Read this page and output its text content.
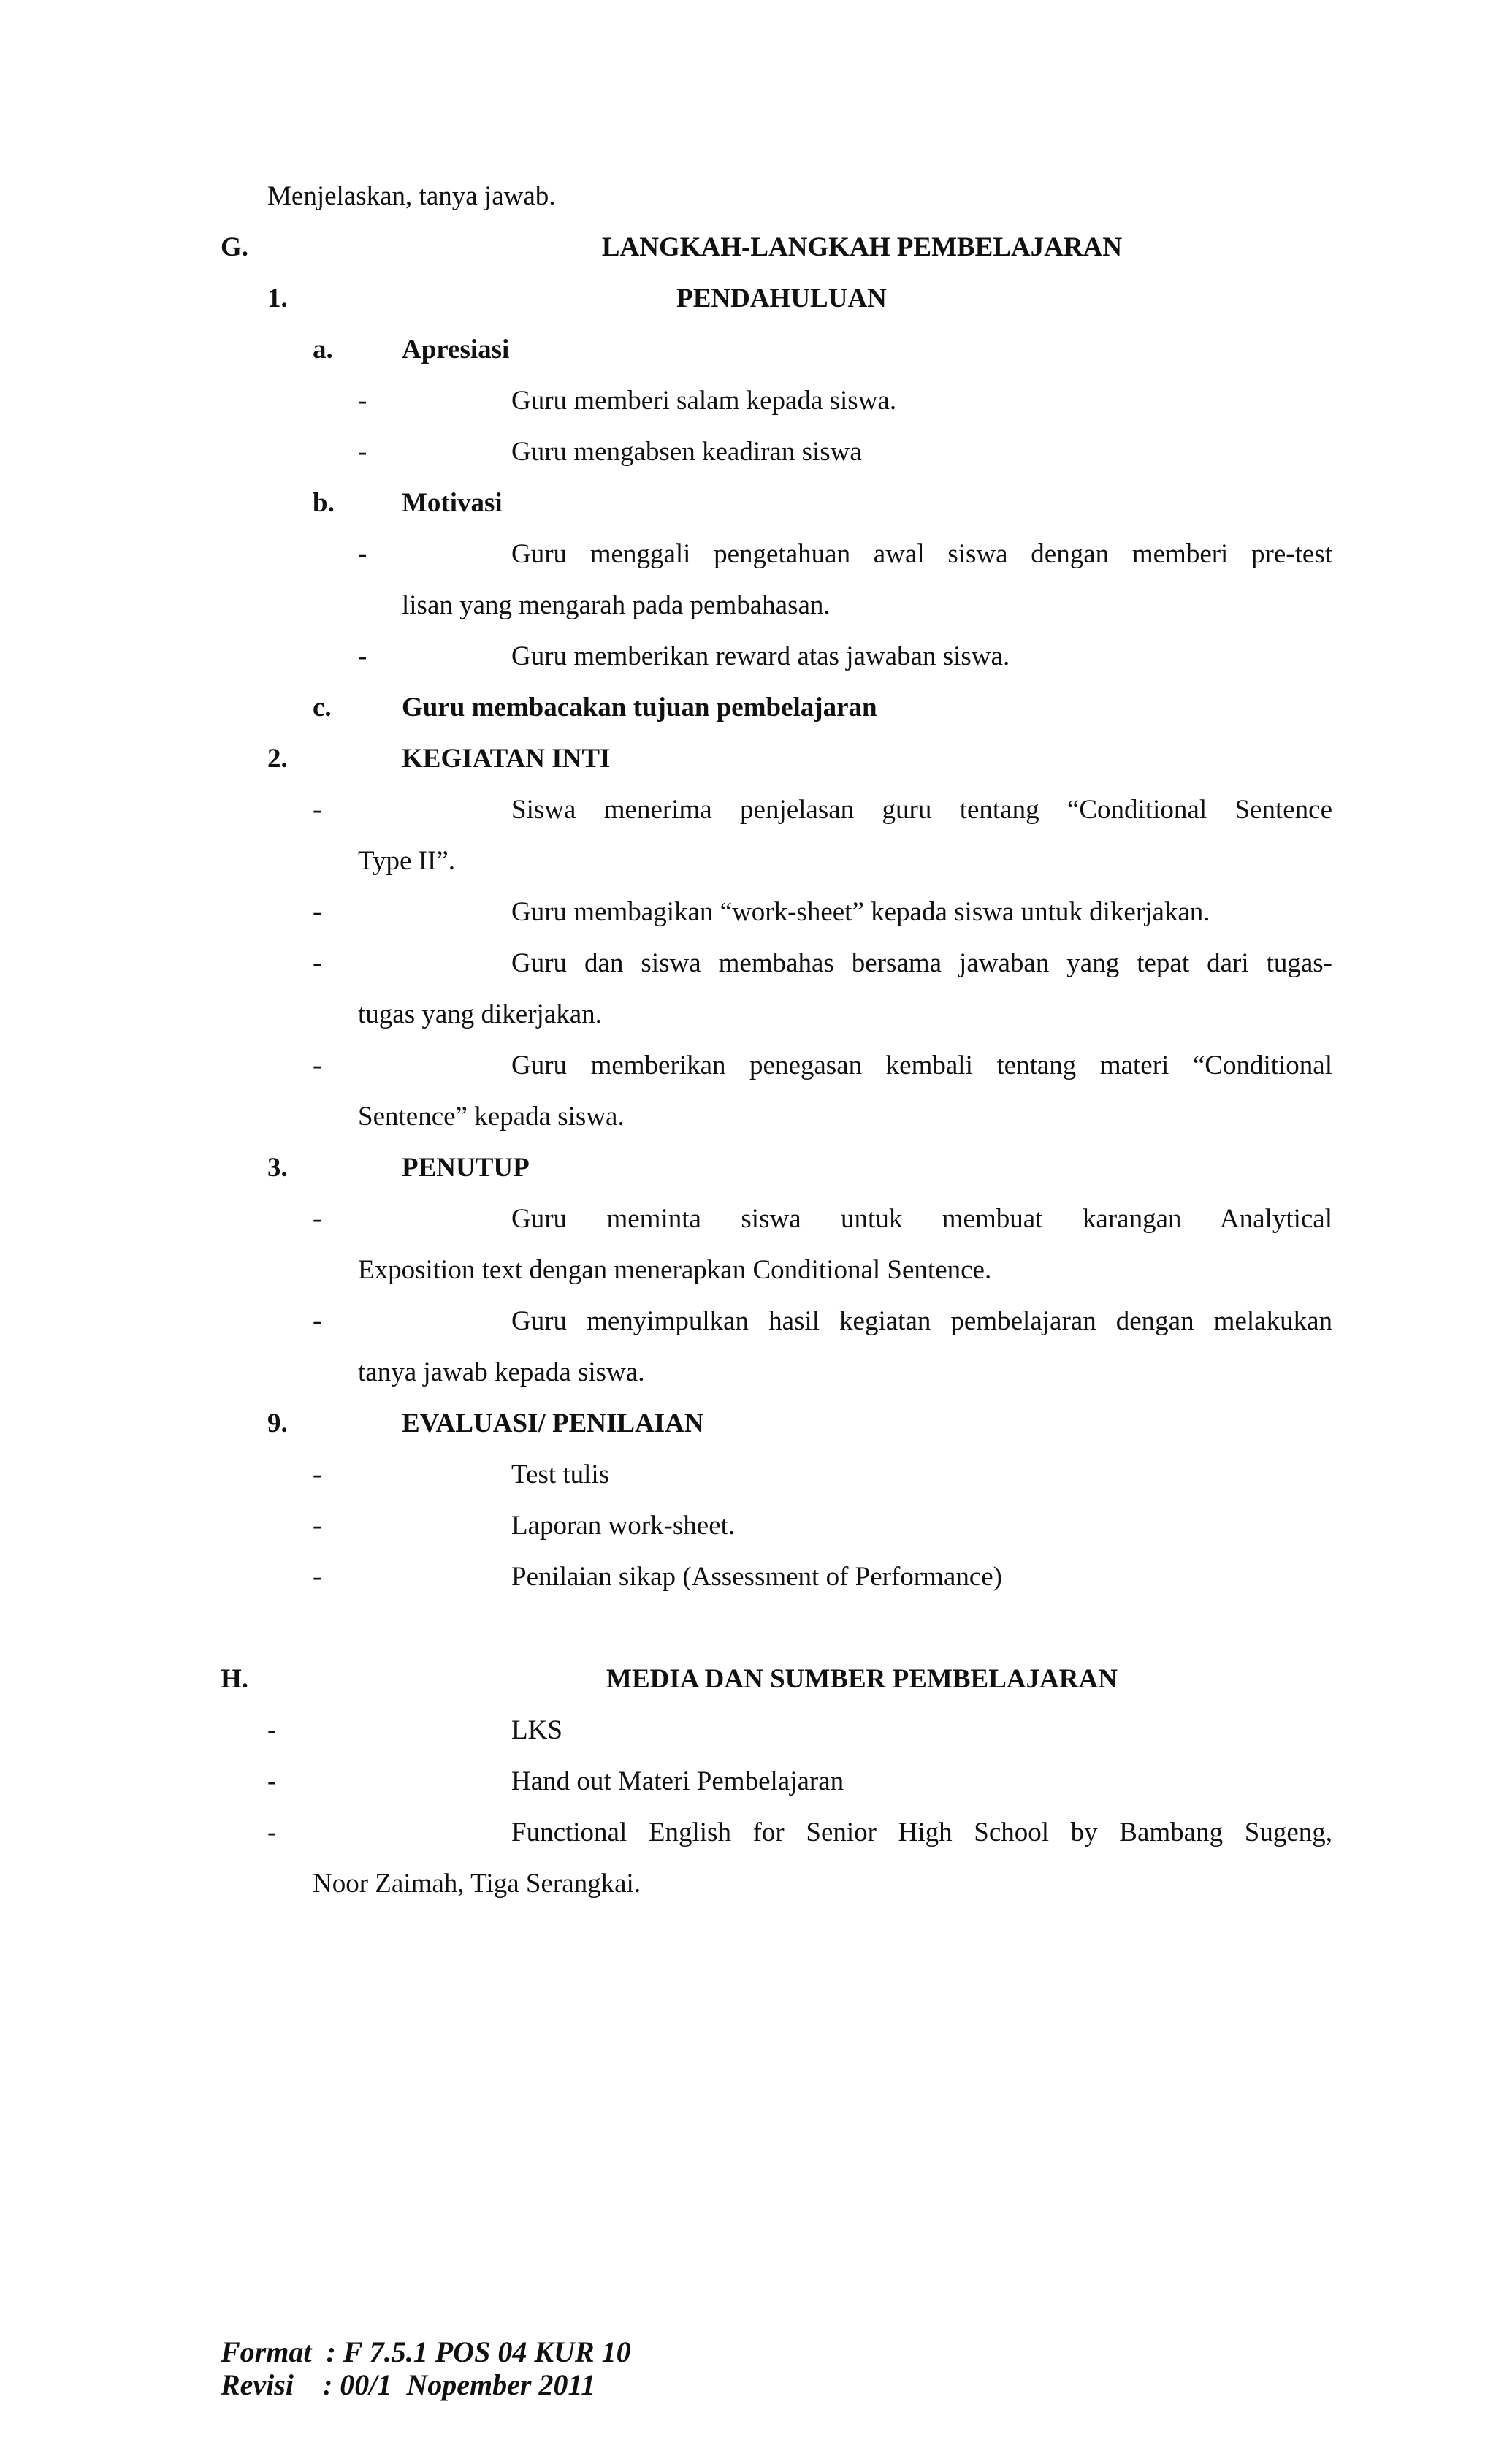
Menjelaskan, tanya jawab.
G.	LANGKAH-LANGKAH PEMBELAJARAN
1.	PENDAHULUAN
a.	Apresiasi
-	Guru memberi salam kepada siswa.
-	Guru mengabsen keadiran siswa
b. Motivasi
-	Guru menggali pengetahuan awal siswa dengan memberi pre-test
lisan yang mengarah pada pembahasan.
-	Guru memberikan reward atas jawaban siswa.
c.	Guru membacakan tujuan pembelajaran
2.	KEGIATAN INTI
-	Siswa menerima penjelasan guru tentang “Conditional Sentence
Type II”.
-	Guru membagikan “work-sheet” kepada siswa untuk dikerjakan.
-	Guru dan siswa membahas bersama jawaban yang tepat dari tugas-
tugas yang dikerjakan.
-	Guru memberikan penegasan kembali tentang materi “Conditional
Sentence” kepada siswa.
3.	PENUTUP
-	Guru meminta siswa untuk membuat karangan Analytical
Exposition text dengan menerapkan Conditional Sentence.
-	Guru menyimpulkan hasil kegiatan pembelajaran dengan melakukan
tanya jawab kepada siswa.
9.	EVALUASI/ PENILAIAN
-	Test tulis
-	Laporan work-sheet.
-	Penilaian sikap (Assessment of Performance)
H.	MEDIA DAN SUMBER PEMBELAJARAN
-	LKS
-	Hand out Materi Pembelajaran
-	Functional English for Senior High School by Bambang Sugeng,
Noor Zaimah, Tiga Serangkai.
Format  : F 7.5.1 POS 04 KUR 10
Revisi    : 00/1  Nopember 2011
